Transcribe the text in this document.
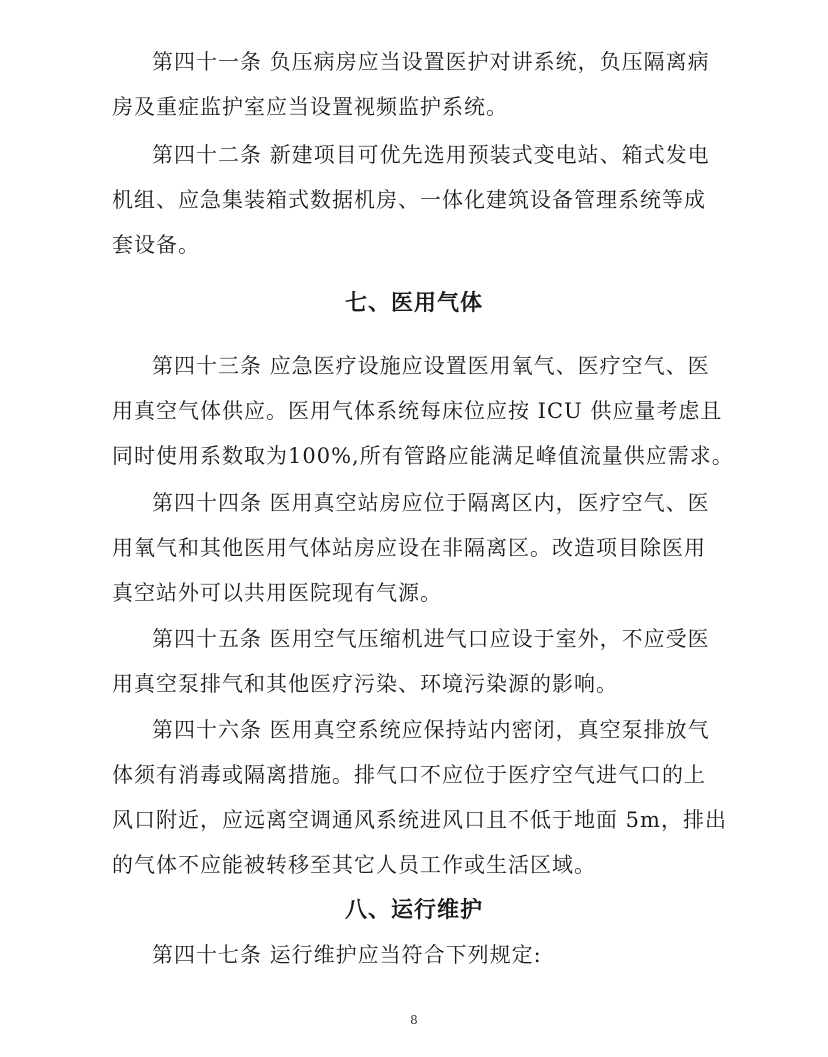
第四十一条 负压病房应当设置医护对讲系统，负压隔离病
房及重症监护室应当设置视频监护系统。
第四十二条 新建项目可优先选用预装式变电站、箱式发电
机组、应急集装箱式数据机房、一体化建筑设备管理系统等成
套设备。
七、医用气体
第四十三条 应急医疗设施应设置医用氧气、医疗空气、医
用真空气体供应。医用气体系统每床位应按 ICU 供应量考虑且
同时使用系数取为100%,所有管路应能满足峰值流量供应需求。
第四十四条 医用真空站房应位于隔离区内，医疗空气、医
用氧气和其他医用气体站房应设在非隔离区。改造项目除医用
真空站外可以共用医院现有气源。
第四十五条 医用空气压缩机进气口应设于室外，不应受医
用真空泵排气和其他医疗污染、环境污染源的影响。
第四十六条 医用真空系统应保持站内密闭，真空泵排放气
体须有消毒或隔离措施。排气口不应位于医疗空气进气口的上
风口附近，应远离空调通风系统进风口且不低于地面 5m，排出
的气体不应能被转移至其它人员工作或生活区域。
八、运行维护
第四十七条 运行维护应当符合下列规定:
8
